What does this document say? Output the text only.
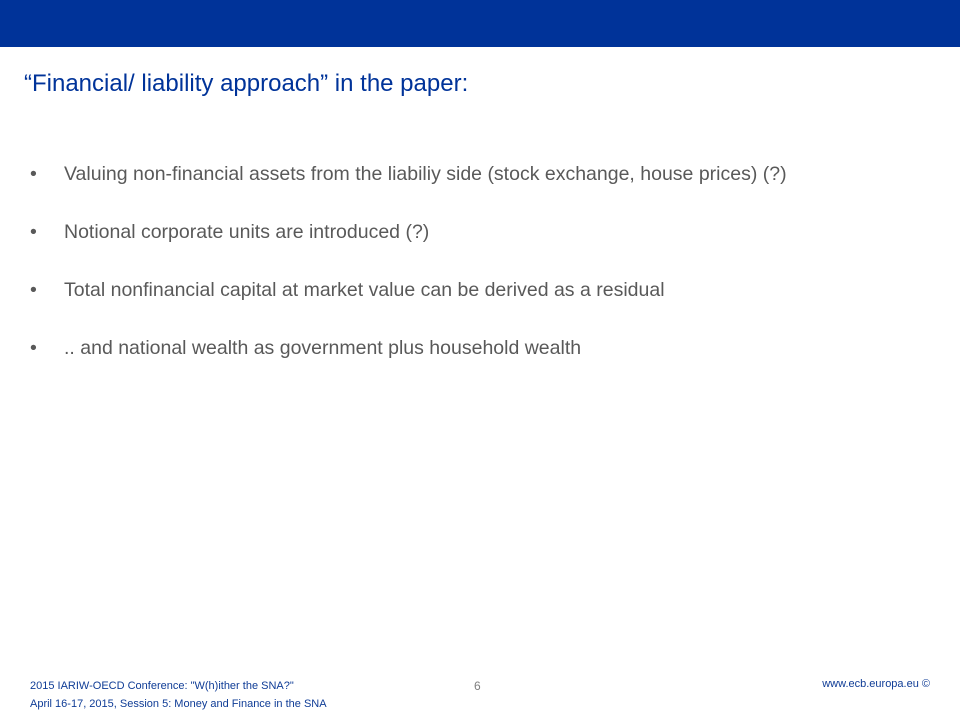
“Financial/ liability approach” in the paper:
• Valuing non-financial assets from the liabiliy side (stock exchange, house prices) (?)
• Notional corporate units are introduced (?)
• Total nonfinancial capital at market value can be derived as a residual
• .. and national wealth as government plus household wealth
2015 IARIW-OECD Conference: "W(h)ither the SNA?"
April 16-17, 2015, Session 5: Money and Finance in the SNA
6	www.ecb.europa.eu ©
